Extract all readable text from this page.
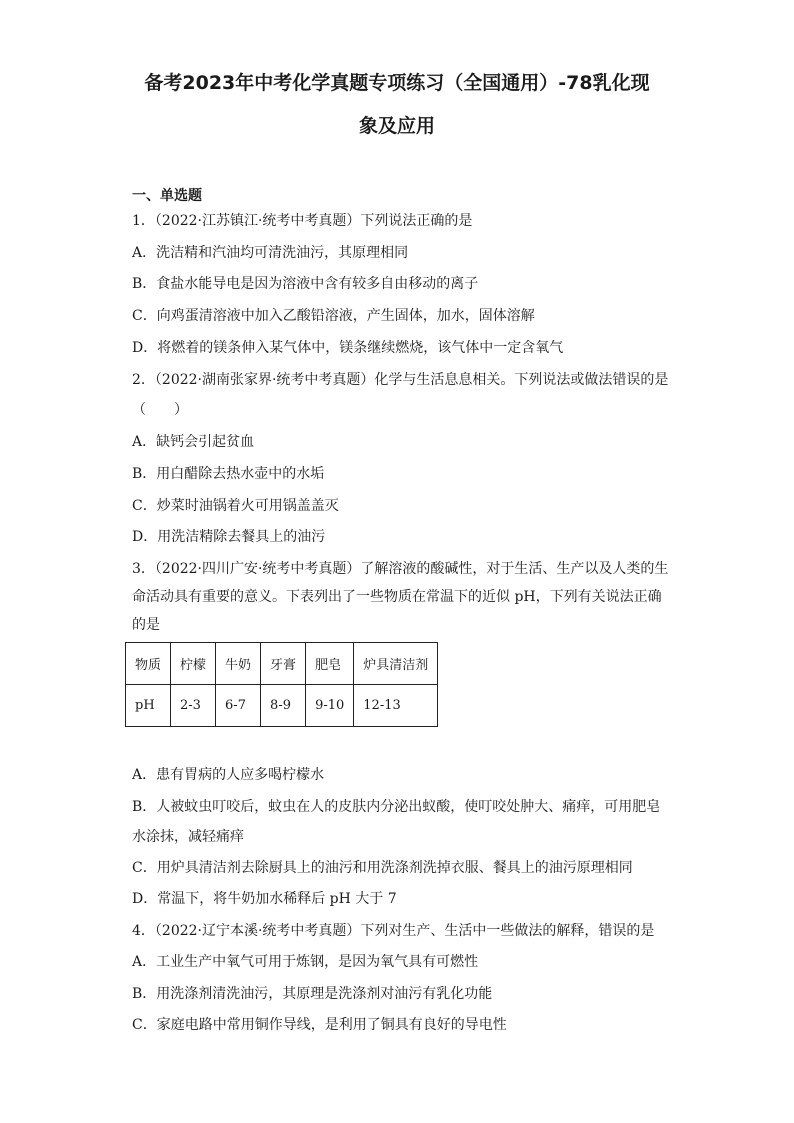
备考2023年中考化学真题专项练习（全国通用）-78乳化现
象及应用
一、单选题
1．（2022·江苏镇江·统考中考真题）下列说法正确的是
A．洗洁精和汽油均可清洗油污，其原理相同
B．食盐水能导电是因为溶液中含有较多自由移动的离子
C．向鸡蛋清溶液中加入乙酸铅溶液，产生固体，加水，固体溶解
D．将燃着的镁条伸入某气体中，镁条继续燃烧，该气体中一定含氧气
2．（2022·湖南张家界·统考中考真题）化学与生活息息相关。下列说法或做法错误的是
（　　）
A．缺钙会引起贫血
B．用白醋除去热水壶中的水垢
C．炒菜时油锅着火可用锅盖盖灭
D．用洗洁精除去餐具上的油污
3．（2022·四川广安·统考中考真题）了解溶液的酸碱性，对于生活、生产以及人类的生
命活动具有重要的意义。下表列出了一些物质在常温下的近似 pH，下列有关说法正确
的是
物质	柠檬	牛奶	牙膏	肥皂	炉具清洁剂
pH	2-3	6-7	8-9	9-10	12-13
A．患有胃病的人应多喝柠檬水
B．人被蚊虫叮咬后，蚊虫在人的皮肤内分泌出蚁酸，使叮咬处肿大、痛痒，可用肥皂
水涂抹，减轻痛痒
C．用炉具清洁剂去除厨具上的油污和用洗涤剂洗掉衣服、餐具上的油污原理相同
D．常温下，将牛奶加水稀释后 pH 大于 7
4．（2022·辽宁本溪·统考中考真题）下列对生产、生活中一些做法的解释，错误的是
A．工业生产中氧气可用于炼钢，是因为氧气具有可燃性
B．用洗涤剂清洗油污，其原理是洗涤剂对油污有乳化功能
C．家庭电路中常用铜作导线，是利用了铜具有良好的导电性
